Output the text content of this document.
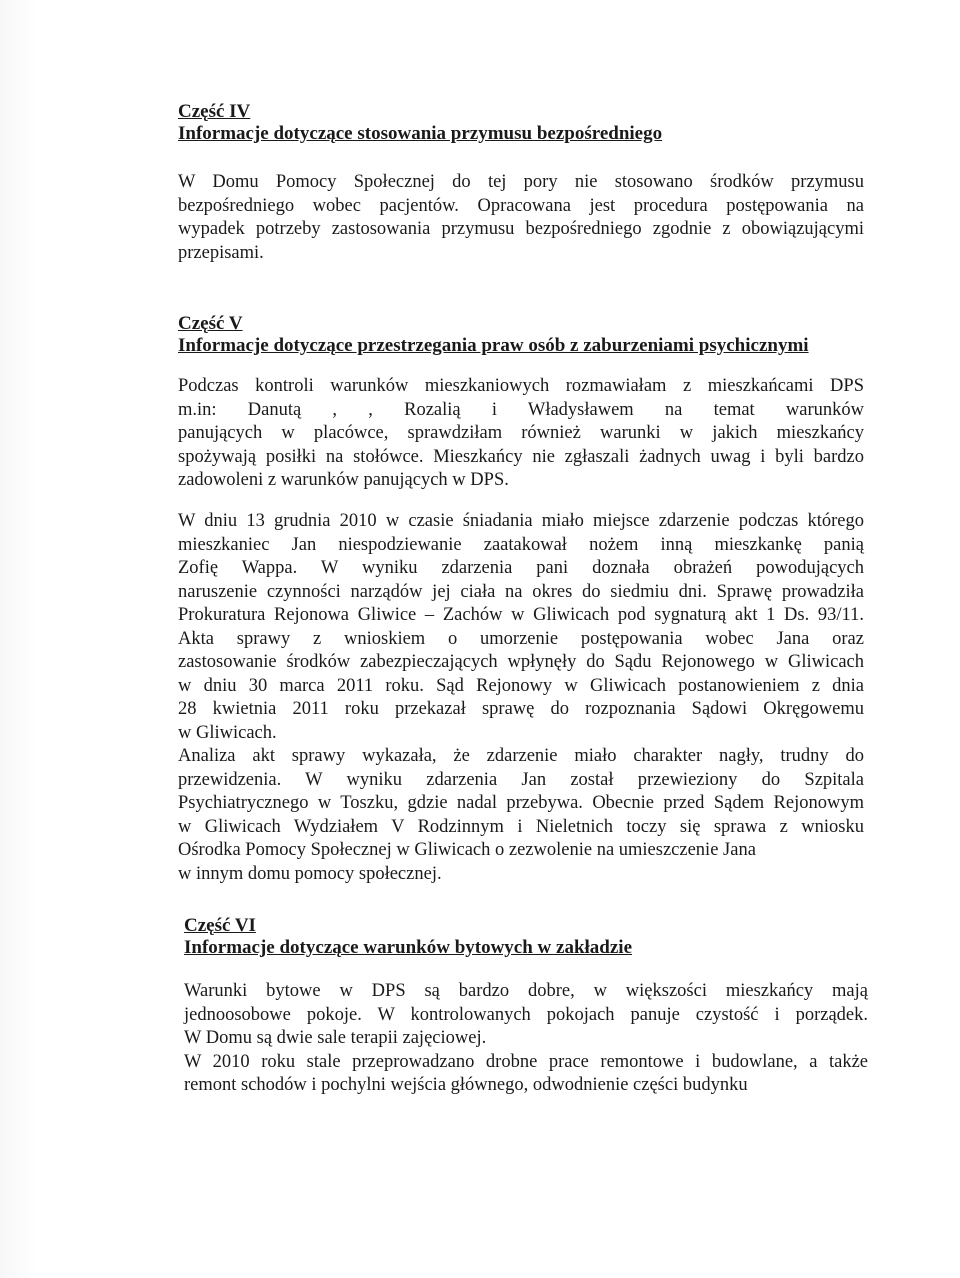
Część IV

Informacje dotyczące stosowania przymusu bezpośredniego

W Domu Pomocy Społecznej do tej pory nie stosowano środków przymusu
bezpośredniego wobec pacjentów. Opracowana jest procedura postępowania na
wypadek potrzeby zastosowania przymusu bezpośredniego zgodnie z obowiązującymi
przepisami.

Część V

Informacje dotyczące przestrzegania praw osób z zaburzeniami psychicznymi

Podczas kontroli warunków mieszkaniowych rozmawiałam z mieszkańcami DPS
m.in: Danutą , , Rozalią i Władysławem na temat warunków
panujących w placówce, sprawdziłam również warunki w jakich mieszkańcy
spożywają posiłki na stołówce. Mieszkańcy nie zgłaszali żadnych uwag i byli bardzo
zadowoleni z warunków panujących w DPS.
W dniu 13 grudnia 2010 w czasie śniadania miało miejsce zdarzenie podczas którego
mieszkaniec Jan niespodziewanie zaatakował nożem inną mieszkankę panią
Zofię Wappa. W wyniku zdarzenia pani doznała obrażeń powodujących
naruszenie czynności narządów jej ciała na okres do siedmiu dni. Sprawę prowadziła
Prokuratura Rejonowa Gliwice – Zachów w Gliwicach pod sygnaturą akt 1 Ds. 93/11.
Akta sprawy z wnioskiem o umorzenie postępowania wobec Jana oraz
zastosowanie środków zabezpieczających wpłynęły do Sądu Rejonowego w Gliwicach
w dniu 30 marca 2011 roku. Sąd Rejonowy w Gliwicach postanowieniem z dnia
28 kwietnia 2011 roku przekazał sprawę do rozpoznania Sądowi Okręgowemu
w Gliwicach.
Analiza akt sprawy wykazała, że zdarzenie miało charakter nagły, trudny do
przewidzenia. W wyniku zdarzenia Jan został przewieziony do Szpitala
Psychiatrycznego w Toszku, gdzie nadal przebywa. Obecnie przed Sądem Rejonowym
w Gliwicach Wydziałem V Rodzinnym i Nieletnich toczy się sprawa z wniosku
Ośrodka Pomocy Społecznej w Gliwicach o zezwolenie na umieszczenie Jana
w innym domu pomocy społecznej.

Część VI

Informacje dotyczące warunków bytowych w zakładzie

Warunki bytowe w DPS są bardzo dobre, w większości mieszkańcy mają
jednoosobowe pokoje. W kontrolowanych pokojach panuje czystość i porządek.
W Domu są dwie sale terapii zajęciowej.
W 2010 roku stale przeprowadzano drobne prace remontowe i budowlane, a także
remont schodów i pochylni wejścia głównego, odwodnienie części budynku
